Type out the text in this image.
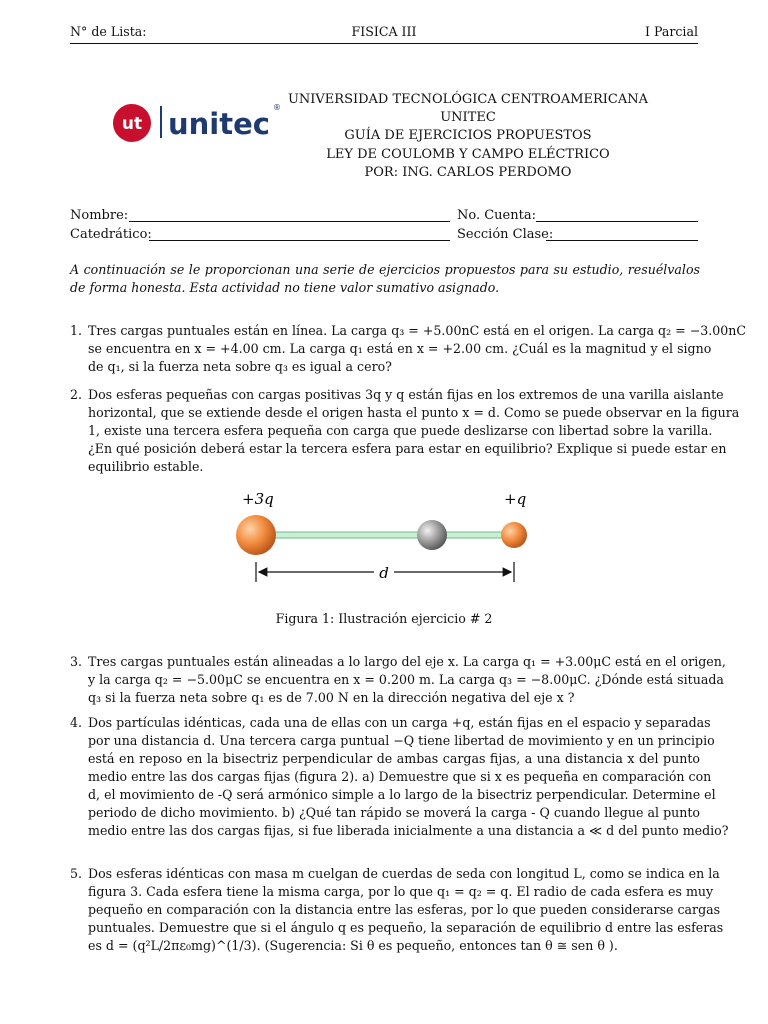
N° de Lista:	FISICA III	I Parcial
ut unitec ®
UNIVERSIDAD TECNOLÓGICA CENTROAMERICANA
UNITEC
GUÍA DE EJERCICIOS PROPUESTOS
LEY DE COULOMB Y CAMPO ELÉCTRICO
POR: ING. CARLOS PERDOMO
Nombre:	No. Cuenta:
Catedrático:	Sección Clase:
A continuación se le proporcionan una serie de ejercicios propuestos para su estudio, resuélvalos de forma honesta. Esta actividad no tiene valor sumativo asignado.
1. Tres cargas puntuales están en línea. La carga q₃ = +5.00nC está en el origen. La carga q₂ = −3.00nC
se encuentra en x = +4.00 cm. La carga q₁ está en x = +2.00 cm. ¿Cuál es la magnitud y el signo
de q₁, si la fuerza neta sobre q₃ es igual a cero?
2. Dos esferas pequeñas con cargas positivas 3q y q están fijas en los extremos de una varilla aislante
horizontal, que se extiende desde el origen hasta el punto x = d. Como se puede observar en la figura
1, existe una tercera esfera pequeña con carga que puede deslizarse con libertad sobre la varilla.
¿En qué posición deberá estar la tercera esfera para estar en equilibrio? Explique si puede estar en
equilibrio estable.
+3q	+q
d
Figura 1: Ilustración ejercicio # 2
3. Tres cargas puntuales están alineadas a lo largo del eje x. La carga q₁ = +3.00μC está en el origen,
y la carga q₂ = −5.00μC se encuentra en x = 0.200 m. La carga q₃ = −8.00μC. ¿Dónde está situada
q₃ si la fuerza neta sobre q₁ es de 7.00 N en la dirección negativa del eje x ?
4. Dos partículas idénticas, cada una de ellas con un carga +q, están fijas en el espacio y separadas
por una distancia d. Una tercera carga puntual −Q tiene libertad de movimiento y en un principio
está en reposo en la bisectriz perpendicular de ambas cargas fijas, a una distancia x del punto
medio entre las dos cargas fijas (figura 2). a) Demuestre que si x es pequeña en comparación con
d, el movimiento de -Q será armónico simple a lo largo de la bisectriz perpendicular. Determine el
periodo de dicho movimiento. b) ¿Qué tan rápido se moverá la carga - Q cuando llegue al punto
medio entre las dos cargas fijas, si fue liberada inicialmente a una distancia a ≪ d del punto medio?
5. Dos esferas idénticas con masa m cuelgan de cuerdas de seda con longitud L, como se indica en la
figura 3. Cada esfera tiene la misma carga, por lo que q₁ = q₂ = q. El radio de cada esfera es muy
pequeño en comparación con la distancia entre las esferas, por lo que pueden considerarse cargas
puntuales. Demuestre que si el ángulo q es pequeño, la separación de equilibrio d entre las esferas
es d = (q²L/2πε₀mg)^(1/3). (Sugerencia: Si θ es pequeño, entonces tan θ ≅ sen θ ).
